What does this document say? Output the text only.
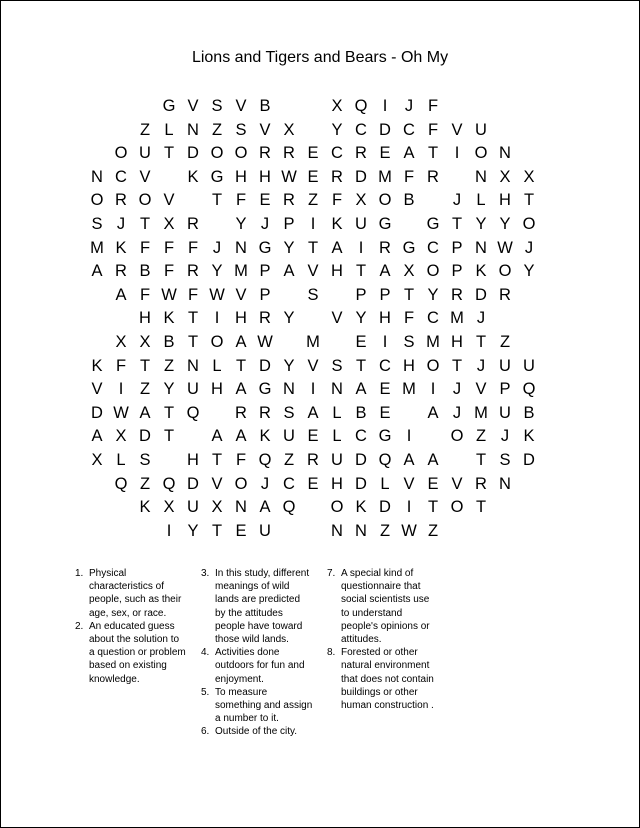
Lions and Tigers and Bears - Oh My
G V S V B	X Q I	J F
Z L N Z S V X	Y C D C F V U
O U T D O O R R E C R E A T	I O N
N C V	K G H H W E R D M F R	N X X
O R O V	T F E R Z F X O B	J L H T
S J T X R	Y J P I K U G	G T Y Y O
M K F F F J N G Y T A I R G C P N W J
A R B F R Y M P A V H T A X O P K O Y
A F W F W V P	S	P P T Y R D R
H K T	I H R Y	V Y H F C M J
X X B T O A W	M	E I S M H T Z
K F T Z N L T D Y V S T C H O T J U U
V I	Z Y U H A G N I N A E M I	J V P Q
D W A T Q	R R S A L B E	A J M U B
A X D T	A A K U E L C G I	O Z J K
X L S	H T F Q Z R U D Q A A	T S D
Q Z Q D V O J C E H D L V E V R N
K X U X N A Q	O K D I	T O T
I Y T E U	N N Z W Z
1. Physical characteristics of people, such as their age, sex, or race.
2. An educated guess about the solution to a question or problem based on existing knowledge.
3. In this study, different meanings of wild lands are predicted by the attitudes people have toward those wild lands.
4. Activities done outdoors for fun and enjoyment.
5. To measure something and assign a number to it.
6. Outside of the city.
7. A special kind of questionnaire that social scientists use to understand people's opinions or attitudes.
8. Forested or other natural environment that does not contain buildings or other human construction .
